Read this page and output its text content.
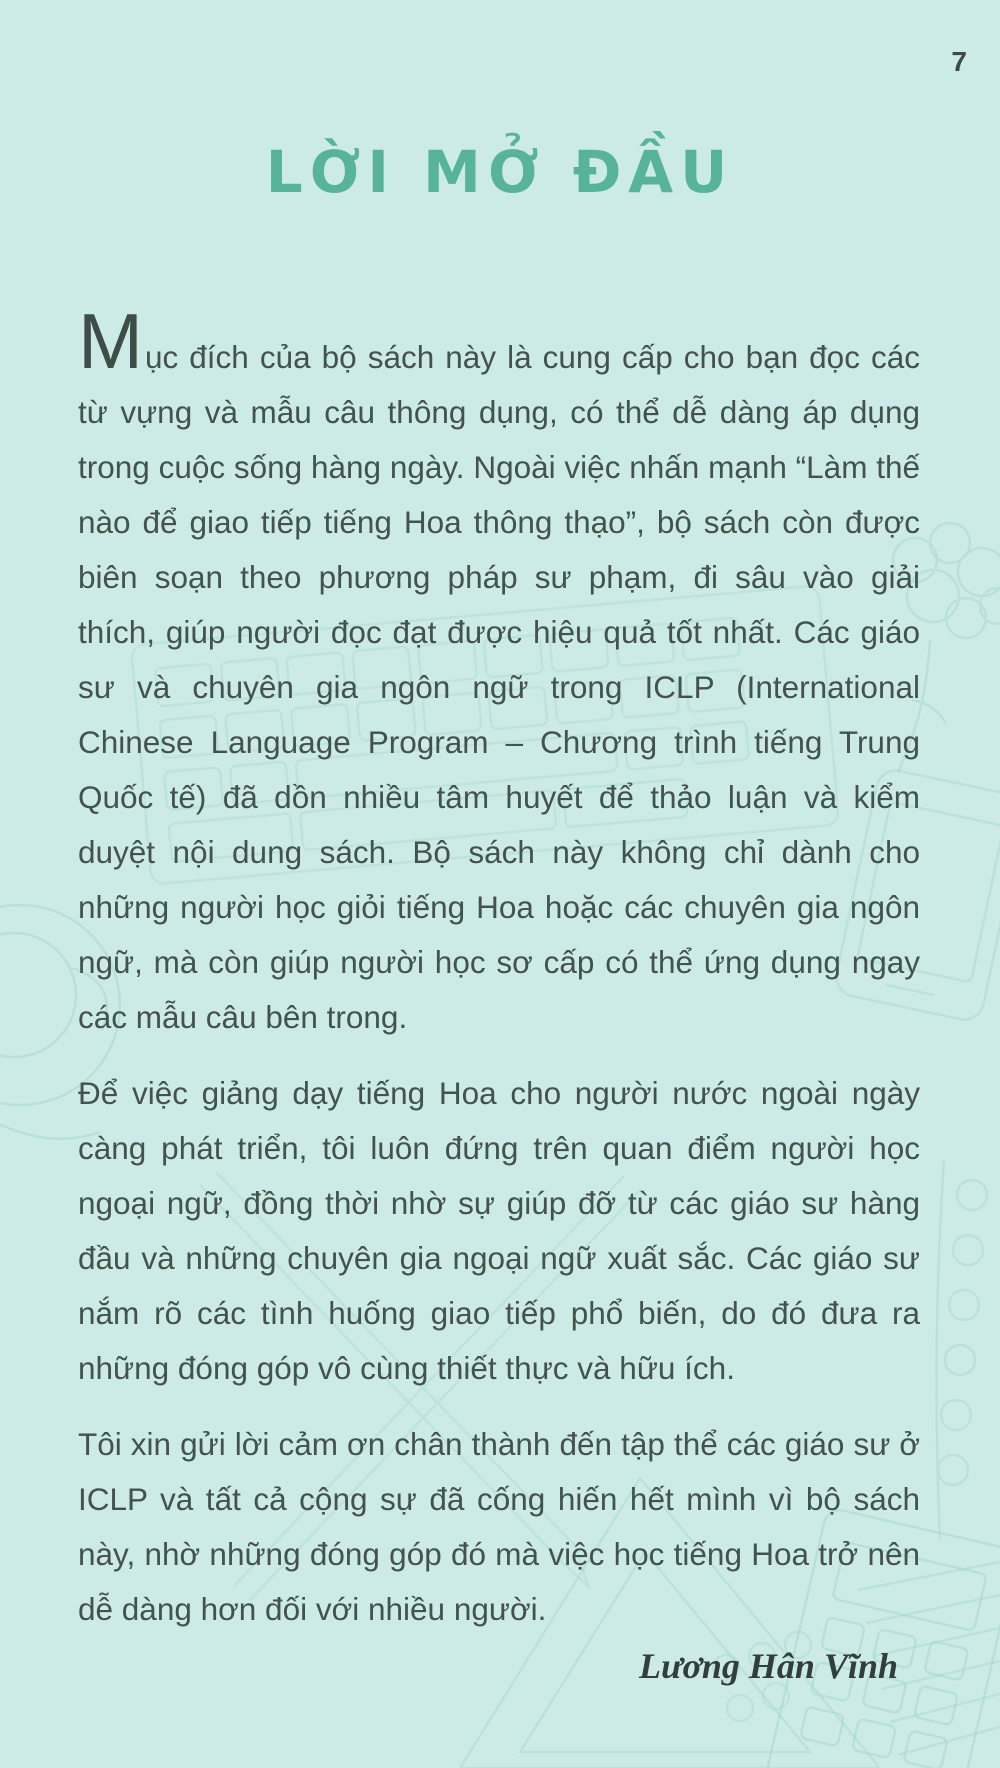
7
LỜI MỞ ĐẦU

Mục đích của bộ sách này là cung cấp cho bạn đọc các từ vựng và mẫu câu thông dụng, có thể dễ dàng áp dụng trong cuộc sống hàng ngày. Ngoài việc nhấn mạnh “Làm thế nào để giao tiếp tiếng Hoa thông thạo”, bộ sách còn được biên soạn theo phương pháp sư phạm, đi sâu vào giải thích, giúp người đọc đạt được hiệu quả tốt nhất. Các giáo sư và chuyên gia ngôn ngữ trong ICLP (International Chinese Language Program – Chương trình tiếng Trung Quốc tế) đã dồn nhiều tâm huyết để thảo luận và kiểm duyệt nội dung sách. Bộ sách này không chỉ dành cho những người học giỏi tiếng Hoa hoặc các chuyên gia ngôn ngữ, mà còn giúp người học sơ cấp có thể ứng dụng ngay các mẫu câu bên trong.

Để việc giảng dạy tiếng Hoa cho người nước ngoài ngày càng phát triển, tôi luôn đứng trên quan điểm người học ngoại ngữ, đồng thời nhờ sự giúp đỡ từ các giáo sư hàng đầu và những chuyên gia ngoại ngữ xuất sắc. Các giáo sư nắm rõ các tình huống giao tiếp phổ biến, do đó đưa ra những đóng góp vô cùng thiết thực và hữu ích.

Tôi xin gửi lời cảm ơn chân thành đến tập thể các giáo sư ở ICLP và tất cả cộng sự đã cống hiến hết mình vì bộ sách này, nhờ những đóng góp đó mà việc học tiếng Hoa trở nên dễ dàng hơn đối với nhiều người.

Lương Hân Vĩnh
